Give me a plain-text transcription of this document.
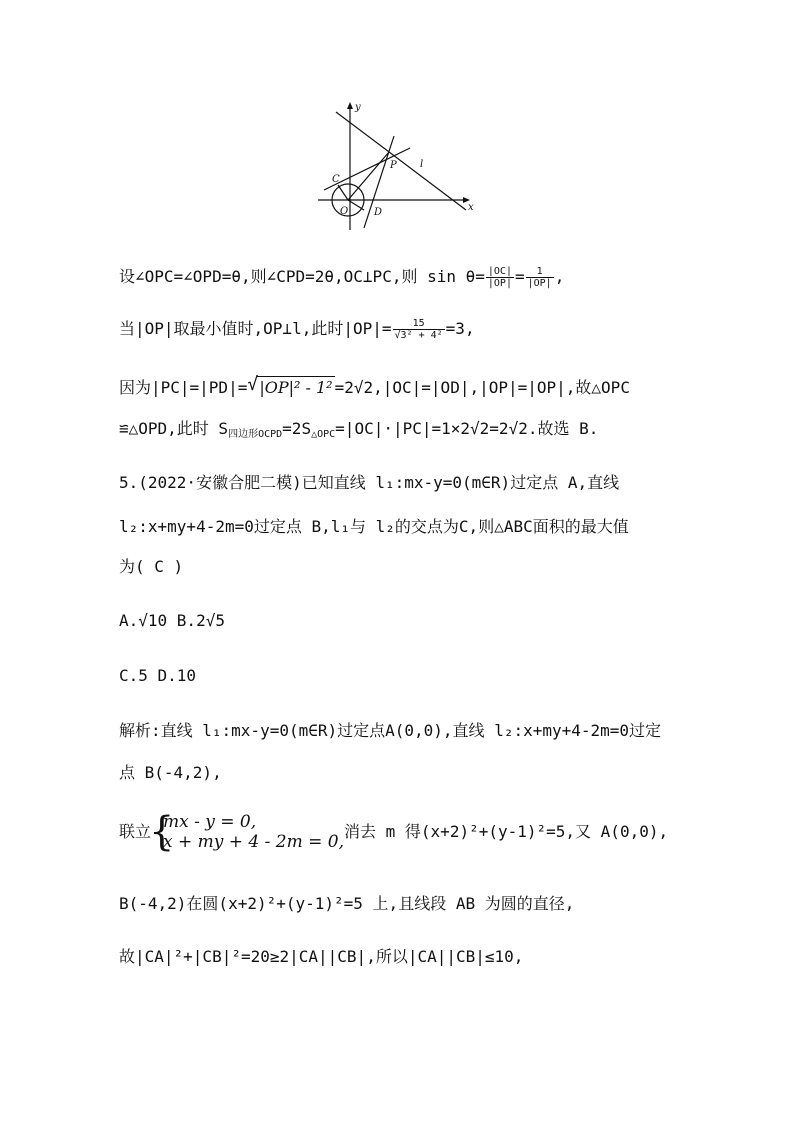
x
y
O
C
D
P l
设∠OPC=∠OPD=θ,则∠CPD=2θ,OC⊥PC,则 $\sin \theta= \frac{|OC|}{|OP|} = \frac{1}{|OP|}$ ,
当|OP|取最小值时,OP⊥l,此时$|OP|= \frac{15}{\text{√3² + 4²}} =3$,
因为|PC|=|PD|= √ |OP|² - 1² =2√2,|OC|=|OD|,|OP|=|OP|,故△OPC
≌△OPD,此时 $S_{四边形OCPD}=2S_{\triangle OPC}=|OC|\cdot|PC|=1\times 2√2=2√2$.故选 B.
5.(2022·安徽合肥二模)已知直线 l₁:mx-y=0(m∈R)过定点 A,直线
l₂:x+my+4-2m=0过定点 B,l₁与 l₂的交点为C,则△ABC面积的最大值
为( C )
A.√10 B.2√5
C.5 D.10
解析:直线 l₁:mx-y=0(m∈R)过定点A(0,0),直线 l₂:x+my+4-2m=0过定
点 B(-4,2),
联立 { mx - y = 0,
x + my + 4 - 2m = 0,
消去 m 得(x+2)²+(y-1)²=5,又 A(0,0),
B(-4,2)在圆(x+2)²+(y-1)²=5 上,且线段 AB 为圆的直径,
故|CA|²+|CB|²=20≥2|CA||CB|,所以|CA||CB|≤10,
